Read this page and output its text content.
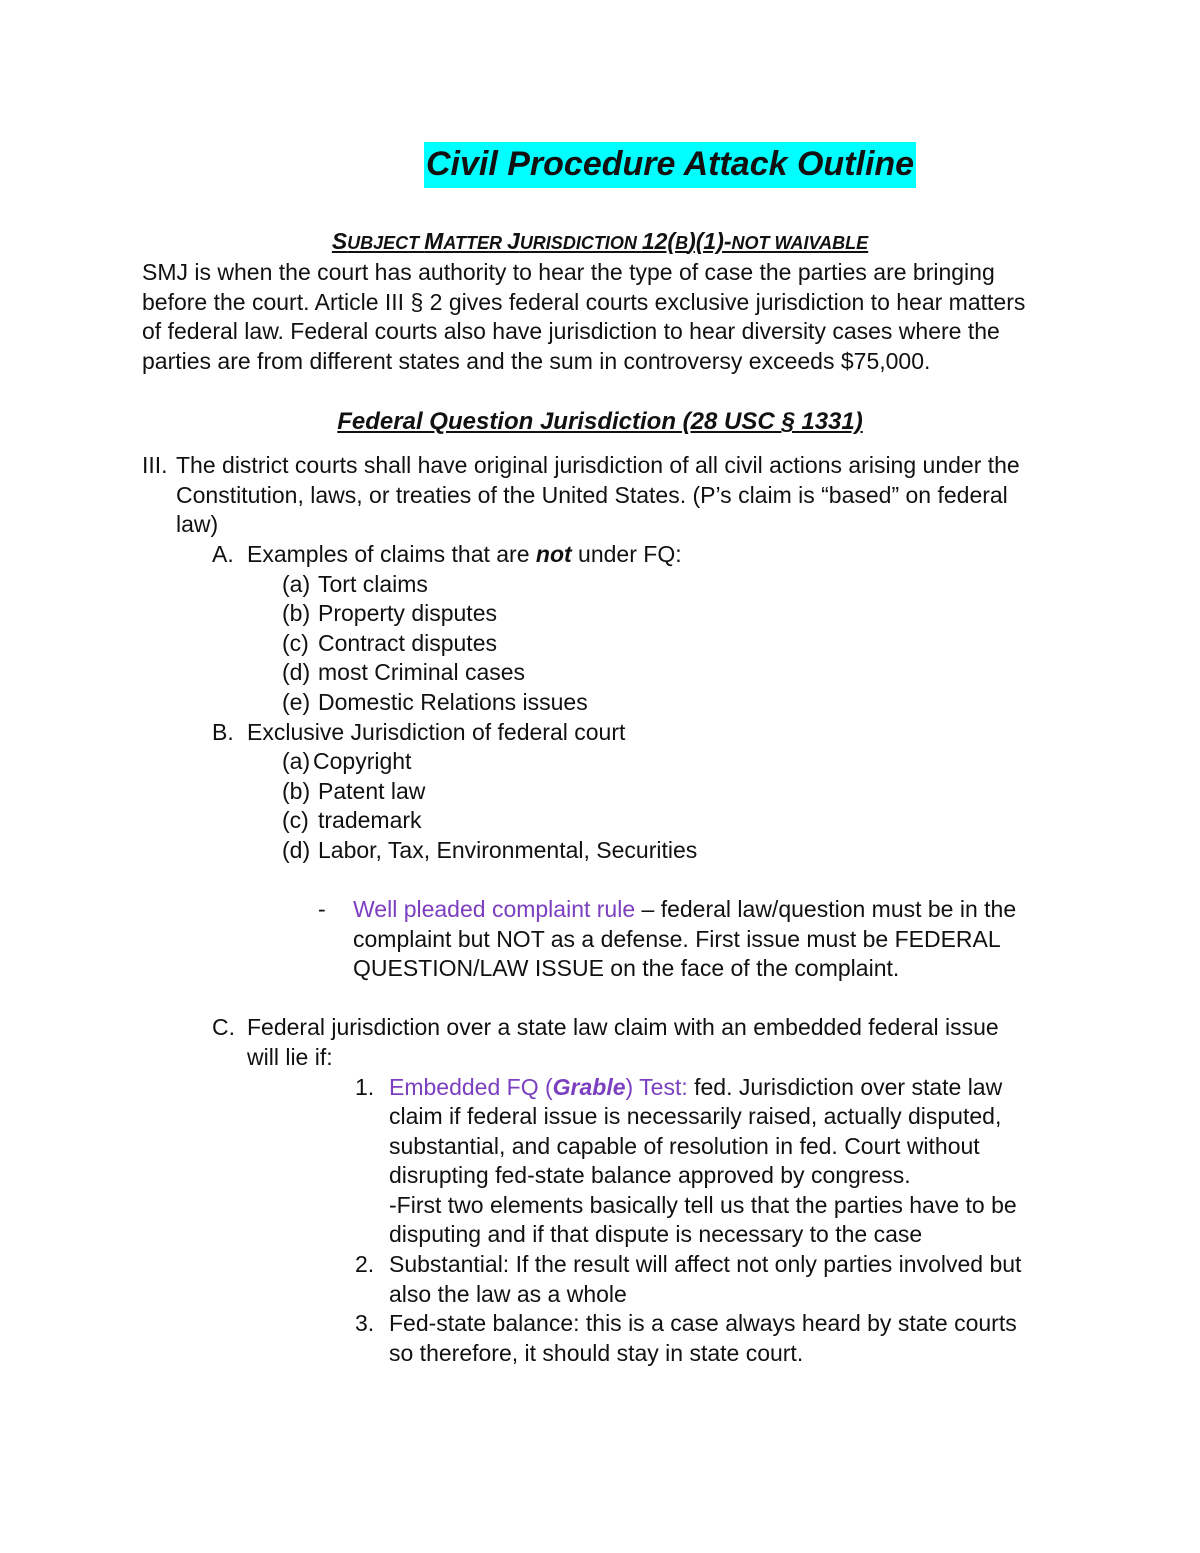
Civil Procedure Attack Outline
SUBJECT MATTER JURISDICTION 12(B)(1)-NOT WAIVABLE
SMJ is when the court has authority to hear the type of case the parties are bringing
before the court. Article III § 2 gives federal courts exclusive jurisdiction to hear matters
of federal law. Federal courts also have jurisdiction to hear diversity cases where the
parties are from different states and the sum in controversy exceeds $75,000.
Federal Question Jurisdiction (28 USC § 1331)
III. The district courts shall have original jurisdiction of all civil actions arising under the
Constitution, laws, or treaties of the United States. (P’s claim is “based” on federal
law)
A. Examples of claims that are not under FQ:
(a) Tort claims
(b) Property disputes
(c) Contract disputes
(d) most Criminal cases
(e) Domestic Relations issues
B. Exclusive Jurisdiction of federal court
(a) Copyright
(b) Patent law
(c) trademark
(d) Labor, Tax, Environmental, Securities
- Well pleaded complaint rule – federal law/question must be in the
complaint but NOT as a defense. First issue must be FEDERAL
QUESTION/LAW ISSUE on the face of the complaint.
C. Federal jurisdiction over a state law claim with an embedded federal issue
will lie if:
1. Embedded FQ (Grable) Test: fed. Jurisdiction over state law
claim if federal issue is necessarily raised, actually disputed,
substantial, and capable of resolution in fed. Court without
disrupting fed-state balance approved by congress.
-First two elements basically tell us that the parties have to be
disputing and if that dispute is necessary to the case
2. Substantial: If the result will affect not only parties involved but
also the law as a whole
3. Fed-state balance: this is a case always heard by state courts
so therefore, it should stay in state court.
